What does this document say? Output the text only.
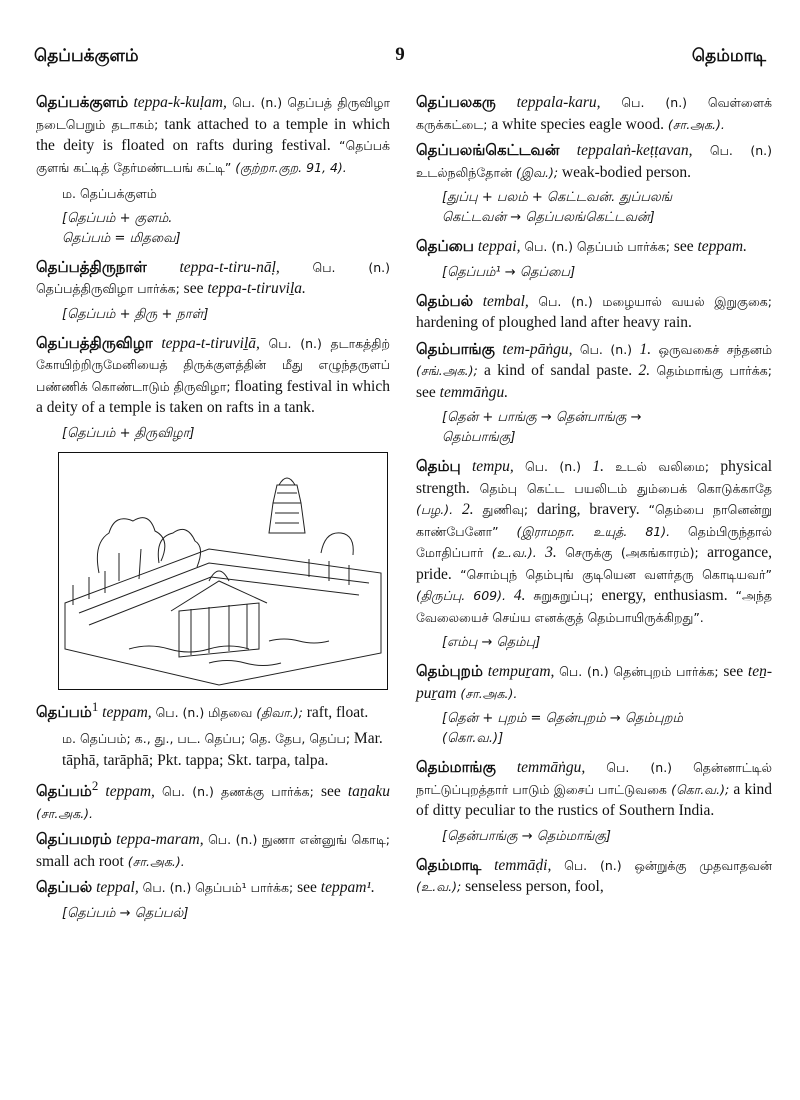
தெப்பக்குளம்	9	தெம்மாடி
தெப்பக்குளம் teppa-k-kuḷam, பெ. (n.) தெப்பத் திருவிழா நடைபெறும் தடாகம்; tank attached to a temple in which the deity is floated on rafts during festival. “தெப்பக் குளங் கட்டித் தேர்மண்டபங் கட்டி” (குற்றா.குற. 91, 4).
ம. தெப்பக்குளம்
[தெப்பம் + குளம்.
தெப்பம் = மிதவை]
தெப்பத்திருநாள் teppa-t-tiru-nāḷ,	பெ. (n.) தெப்பத்திருவிழா பார்க்க; see teppa-t-tiruviḻa.
[தெப்பம் + திரு + நாள்]
தெப்பத்திருவிழா teppa-t-tiruviḻā, பெ. (n.) தடாகத்திற் கோயிற்றிருமேனியைத் திருக்குளத்தின் மீது எழுந்தருளப் பண்ணிக் கொண்டாடும் திருவிழா; floating festival in which a deity of a temple is taken on rafts in a tank.
[தெப்பம் + திருவிழா]
தெப்பம்$^1$ teppam, பெ. (n.) மிதவை (திவா.); raft, float.
ம. தெப்பம்; க., து., பட. தெப்ப; தெ. தேப, தெப்ப; Mar. tāphā, tarāphā; Pkt. tappa; Skt. tarpa, talpa.
தெப்பம்$^2$ teppam, பெ. (n.) தணக்கு பார்க்க; see taṉaku (சா.அக.).
தெப்பமரம் teppa-maram, பெ. (n.) நுணா என்னுங் கொடி; small ach root (சா.அக.).
தெப்பல் teppal, பெ. (n.) தெப்பம்¹ பார்க்க; see teppam¹.
[தெப்பம் → தெப்பல்]
தெப்பலகரு teppala-karu, பெ. (n.) வெள்ளைக் கருக்கட்டை; a white species eagle wood. (சா.அக.).
தெப்பலங்கெட்டவன் teppalaṅ-keṭṭavan, பெ. (n.) உடல்நலிந்தோன் (இவ.); weak-bodied person.
[துப்பு + பலம் + கெட்டவன். துப்பலங்
கெட்டவன் → தெப்பலங்கெட்டவன்]
தெப்பை teppai, பெ. (n.) தெப்பம் பார்க்க; see teppam.
[தெப்பம்¹ → தெப்பை]
தெம்பல் tembal, பெ. (n.) மழையால் வயல் இறுகுகை; hardening of ploughed land after heavy rain.
தெம்பாங்கு tem-pāṅgu, பெ. (n.) 1. ஒருவகைச் சந்தனம் (சங்.அக.); a kind of sandal paste. 2. தெம்மாங்கு பார்க்க; see temmāṅgu.
[தென் + பாங்கு → தென்பாங்கு →
தெம்பாங்கு]
தெம்பு tempu, பெ. (n.) 1. உடல் வலிமை; physical strength. தெம்பு கெட்ட பயலிடம் தும்பைக் கொடுக்காதே (பழ.). 2. துணிவு; daring, bravery. “தெம்பை நானென்று காண்பேனோ” (இராமநா. உயுத். 81). தெம்பிருந்தால் மோதிப்பார் (உ.வ.). 3. செருக்கு (அகங்காரம்); arrogance, pride. “சொம்புந் தெம்புங் குடியென வளர்தரு கொடியவர்” (திருப்பு. 609). 4. சுறுசுறுப்பு; energy, enthusiasm. “அந்த வேலையைச் செய்ய எனக்குத் தெம்பாயிருக்கிறது”.
[எம்பு → தெம்பு]
தெம்புறம் tempuṟam, பெ. (n.) தென்புறம் பார்க்க; see teṉ-puṟam (சா.அக.).
[தென் + புறம் = தென்புறம் → தெம்புறம்
(கொ.வ.)]
தெம்மாங்கு temmāṅgu, பெ. (n.) தென்னாட்டில் நாட்டுப்புறத்தார் பாடும் இசைப் பாட்டுவகை (கொ.வ.); a kind of ditty peculiar to the rustics of Southern India.
[தென்பாங்கு → தெம்மாங்கு]
தெம்மாடி temmāḍi, பெ. (n.) ஒன்றுக்கு முதவாதவன் (உ.வ.); senseless person, fool,
